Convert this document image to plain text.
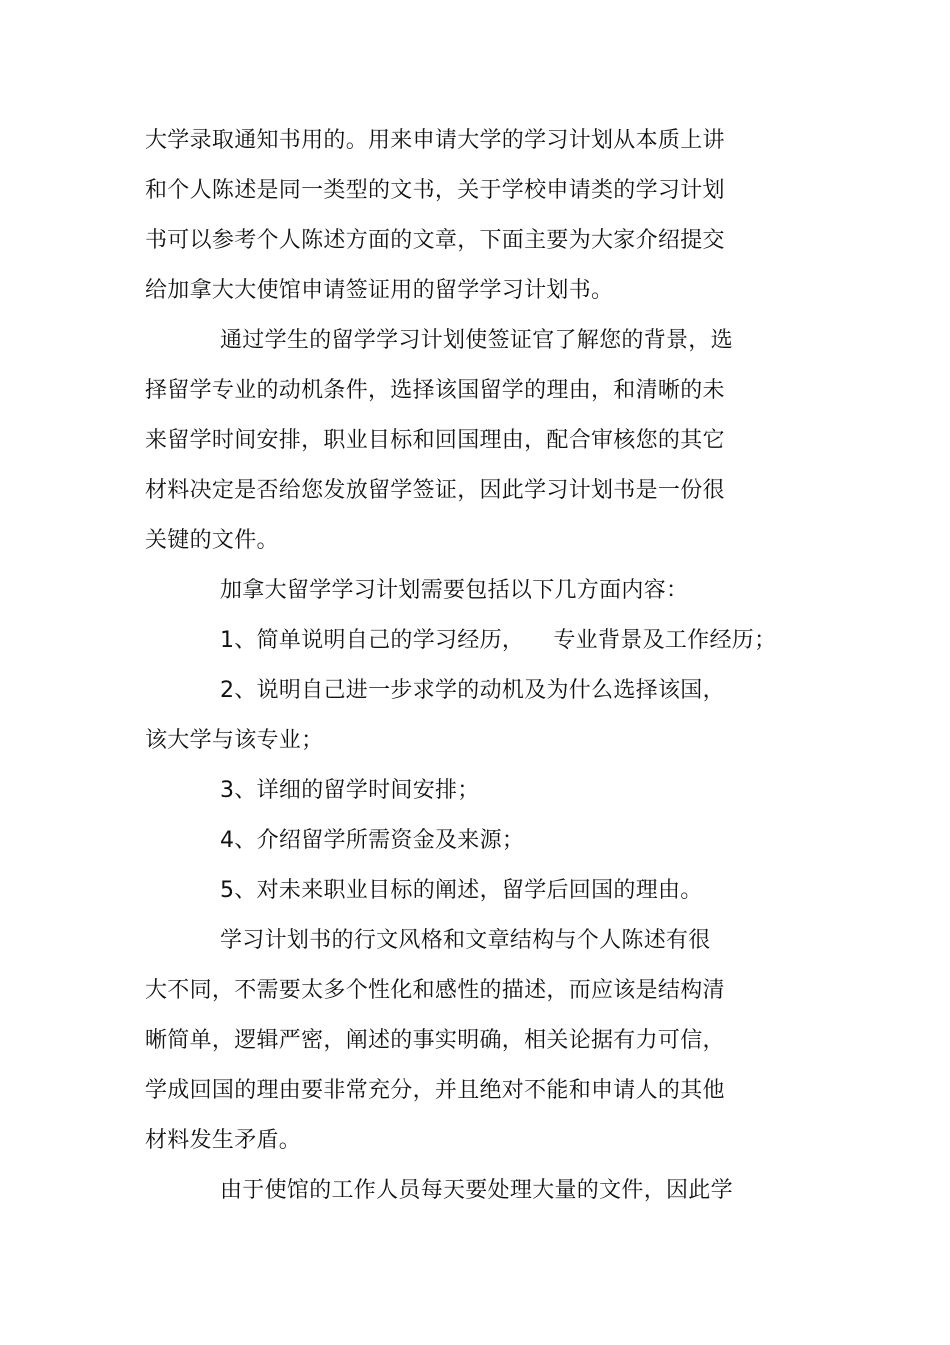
大学录取通知书用的。用来申请大学的学习计划从本质上讲
和个人陈述是同一类型的文书，关于学校申请类的学习计划
书可以参考个人陈述方面的文章，下面主要为大家介绍提交
给加拿大大使馆申请签证用的留学学习计划书。
通过学生的留学学习计划使签证官了解您的背景，选
择留学专业的动机条件，选择该国留学的理由，和清晰的未
来留学时间安排，职业目标和回国理由，配合审核您的其它
材料决定是否给您发放留学签证，因此学习计划书是一份很
关键的文件。
加拿大留学学习计划需要包括以下几方面内容：
1、简单说明自己的学习经历，    专业背景及工作经历；
2、说明自己进一步求学的动机及为什么选择该国，
该大学与该专业；
3、详细的留学时间安排；
4、介绍留学所需资金及来源；
5、对未来职业目标的阐述，留学后回国的理由。
学习计划书的行文风格和文章结构与个人陈述有很
大不同，不需要太多个性化和感性的描述，而应该是结构清
晰简单，逻辑严密，阐述的事实明确，相关论据有力可信，
学成回国的理由要非常充分，并且绝对不能和申请人的其他
材料发生矛盾。
由于使馆的工作人员每天要处理大量的文件，因此学
